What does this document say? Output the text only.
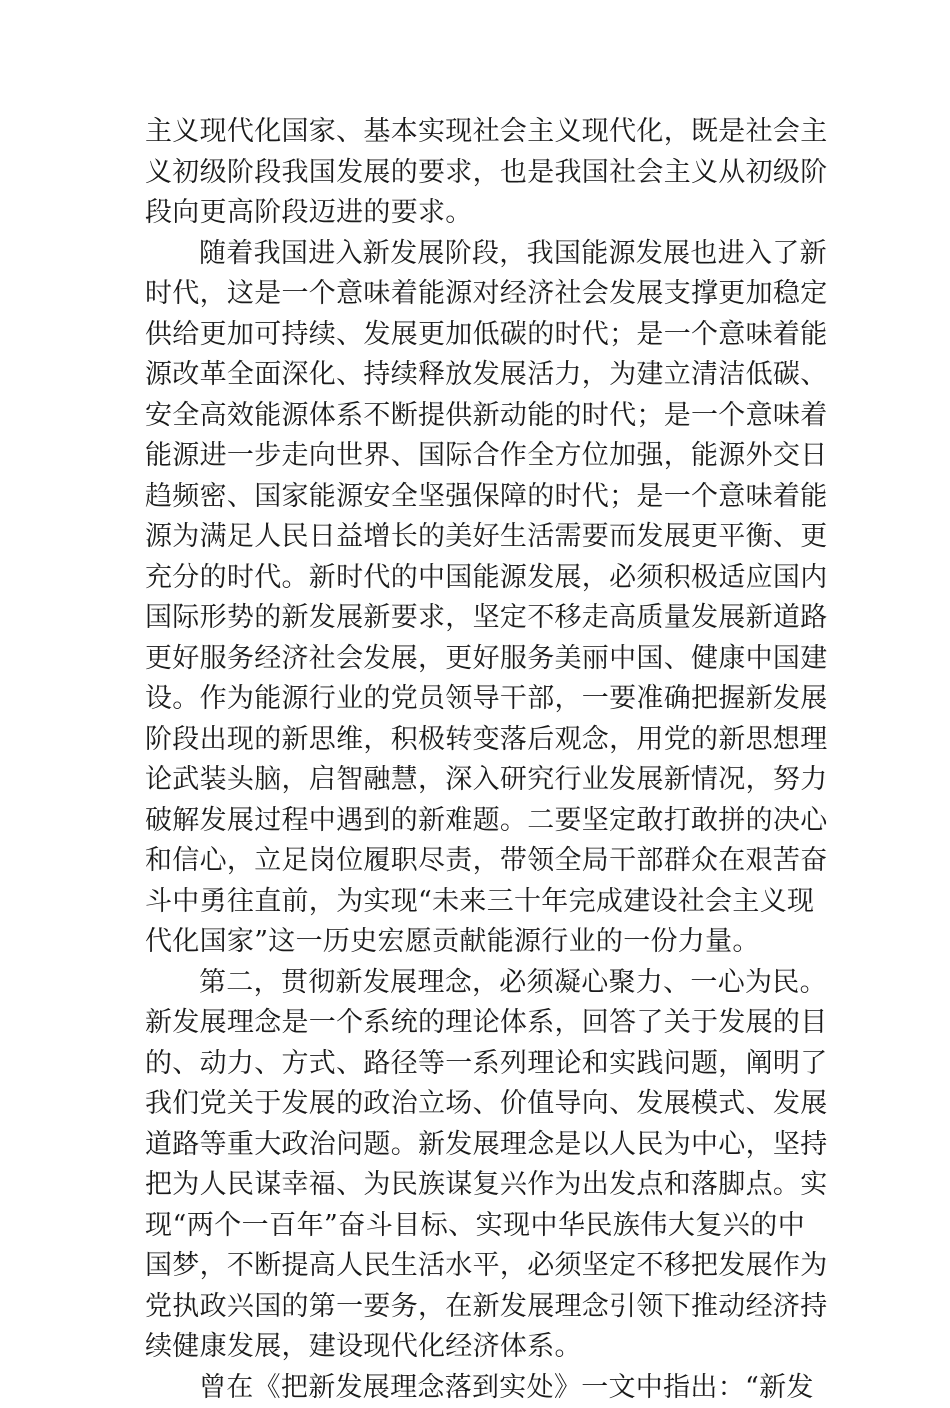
主义现代化国家、基本实现社会主义现代化，既是社会主
义初级阶段我国发展的要求，也是我国社会主义从初级阶
段向更高阶段迈进的要求。
随着我国进入新发展阶段，我国能源发展也进入了新
时代，这是一个意味着能源对经济社会发展支撑更加稳定
供给更加可持续、发展更加低碳的时代；是一个意味着能
源改革全面深化、持续释放发展活力，为建立清洁低碳、
安全高效能源体系不断提供新动能的时代；是一个意味着
能源进一步走向世界、国际合作全方位加强，能源外交日
趋频密、国家能源安全坚强保障的时代；是一个意味着能
源为满足人民日益增长的美好生活需要而发展更平衡、更
充分的时代。新时代的中国能源发展，必须积极适应国内
国际形势的新发展新要求，坚定不移走高质量发展新道路
更好服务经济社会发展，更好服务美丽中国、健康中国建
设。作为能源行业的党员领导干部，一要准确把握新发展
阶段出现的新思维，积极转变落后观念，用党的新思想理
论武装头脑，启智融慧，深入研究行业发展新情况，努力
破解发展过程中遇到的新难题。二要坚定敢打敢拼的决心
和信心，立足岗位履职尽责，带领全局干部群众在艰苦奋
斗中勇往直前，为实现“未来三十年完成建设社会主义现
代化国家”这一历史宏愿贡献能源行业的一份力量。
第二，贯彻新发展理念，必须凝心聚力、一心为民。
新发展理念是一个系统的理论体系，回答了关于发展的目
的、动力、方式、路径等一系列理论和实践问题，阐明了
我们党关于发展的政治立场、价值导向、发展模式、发展
道路等重大政治问题。新发展理念是以人民为中心，坚持
把为人民谋幸福、为民族谋复兴作为出发点和落脚点。实
现“两个一百年”奋斗目标、实现中华民族伟大复兴的中
国梦，不断提高人民生活水平，必须坚定不移把发展作为
党执政兴国的第一要务，在新发展理念引领下推动经济持
续健康发展，建设现代化经济体系。
曾在《把新发展理念落到实处》一文中指出：“新发
